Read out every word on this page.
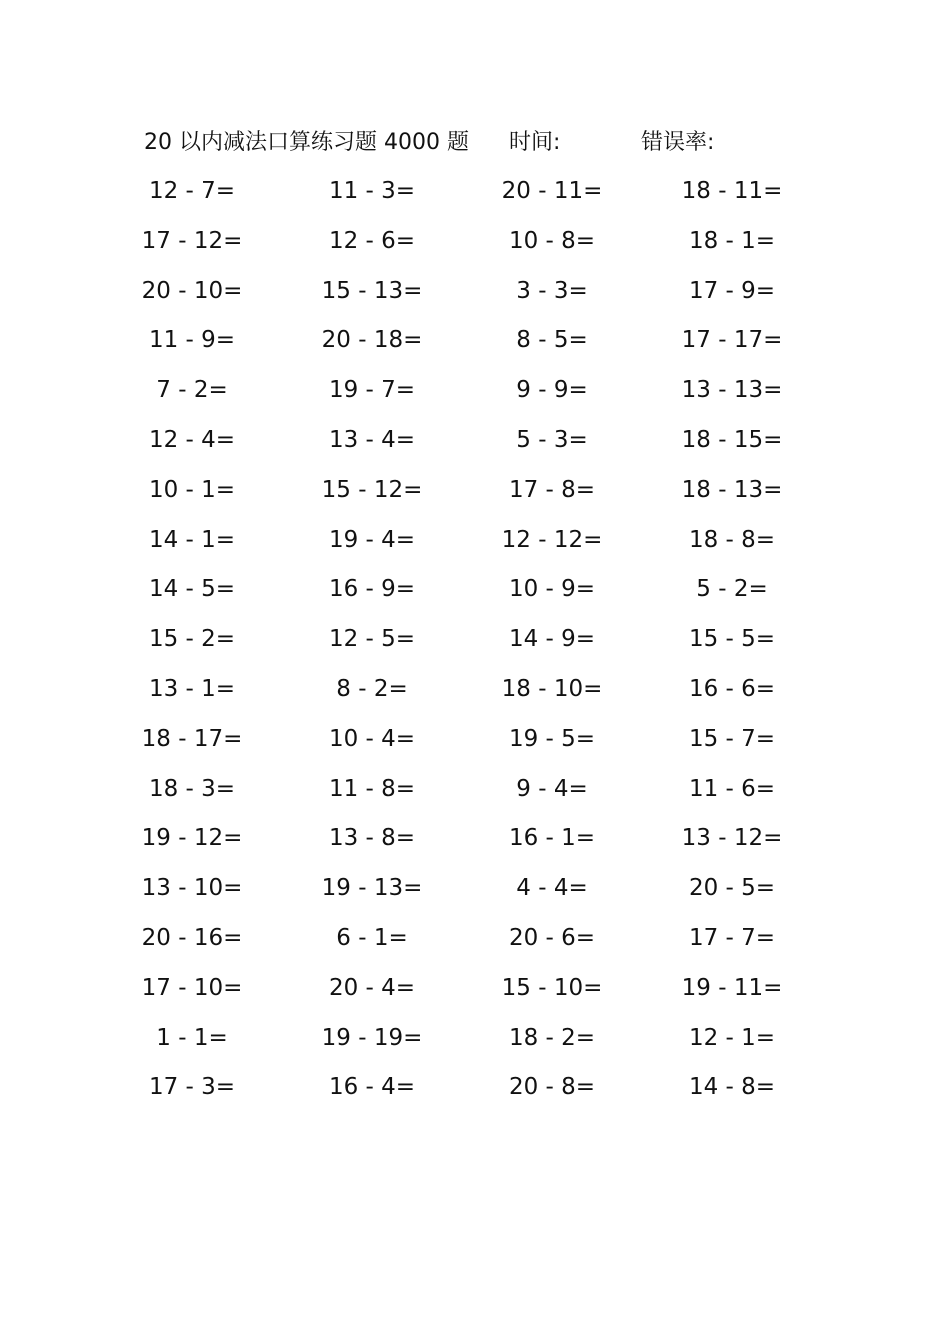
20 以内减法口算练习题 4000 题 时间:	错误率:
12 - 7=	11 - 3=	20 - 11=	18 - 11=
17 - 12=	12 - 6=	10 - 8=	18 - 1=
20 - 10=	15 - 13=	3 - 3=	17 - 9=
11 - 9=	20 - 18=	8 - 5=	17 - 17=
7 - 2=	19 - 7=	9 - 9=	13 - 13=
12 - 4=	13 - 4=	5 - 3=	18 - 15=
10 - 1=	15 - 12=	17 - 8=	18 - 13=
14 - 1=	19 - 4=	12 - 12=	18 - 8=
14 - 5=	16 - 9=	10 - 9=	5 - 2=
15 - 2=	12 - 5=	14 - 9=	15 - 5=
13 - 1=	8 - 2=	18 - 10=	16 - 6=
18 - 17=	10 - 4=	19 - 5=	15 - 7=
18 - 3=	11 - 8=	9 - 4=	11 - 6=
19 - 12=	13 - 8=	16 - 1=	13 - 12=
13 - 10=	19 - 13=	4 - 4=	20 - 5=
20 - 16=	6 - 1=	20 - 6=	17 - 7=
17 - 10=	20 - 4=	15 - 10=	19 - 11=
1 - 1=	19 - 19=	18 - 2=	12 - 1=
17 - 3=	16 - 4=	20 - 8=	14 - 8=
